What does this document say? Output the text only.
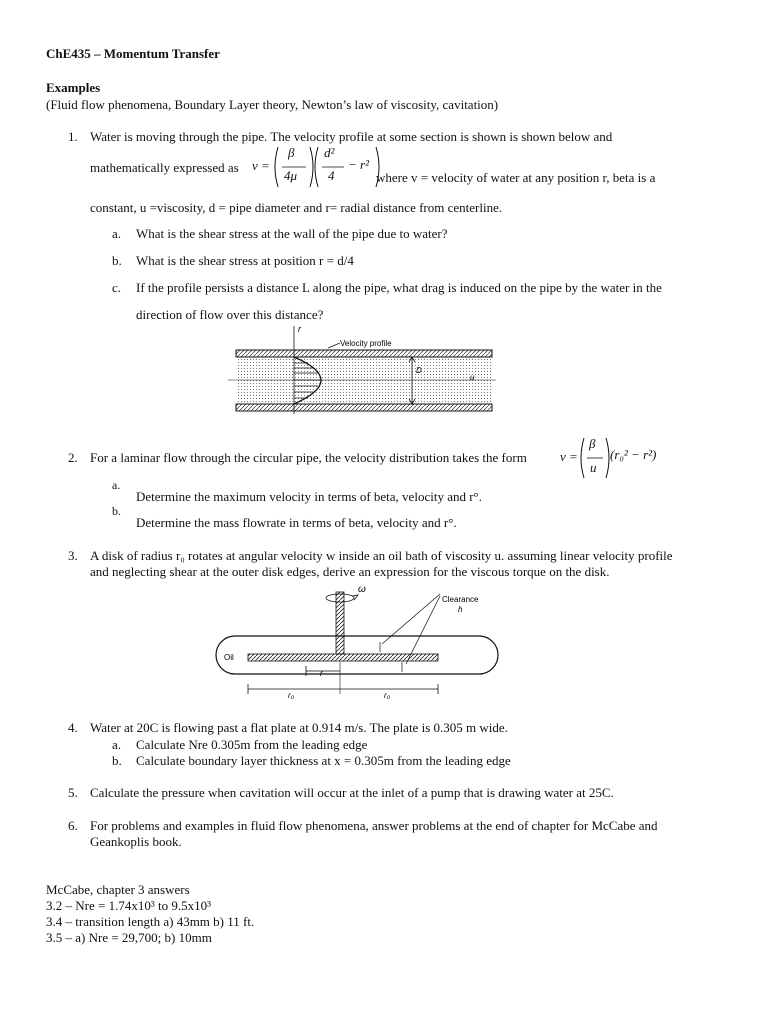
ChE435 – Momentum Transfer
Examples
(Fluid flow phenomena, Boundary Layer theory, Newton’s law of viscosity, cavitation)
1. Water is moving through the pipe. The velocity profile at some section is shown is shown below and
mathematically expressed as v =
β
4μ
d²
4
− r²
where v = velocity of water at any position r, beta is a
constant, u =viscosity, d = pipe diameter and r= radial distance from centerline.
a. What is the shear stress at the wall of the pipe due to water?
b. What is the shear stress at position r = d/4
c. If the profile persists a distance L along the pipe, what drag is induced on the pipe by the water in the
direction of flow over this distance?
r
Velocity profile
D
u
2. For a laminar flow through the circular pipe, the velocity distribution takes the form	v =
β
u
(r₀² − r²)
a.
Determine the maximum velocity in terms of beta, velocity and r°.
b.
Determine the mass flowrate in terms of beta, velocity and r°.
3. A disk of radius r₀ rotates at angular velocity w inside an oil bath of viscosity u. assuming linear velocity profile
and neglecting shear at the outer disk edges, derive an expression for the viscous torque on the disk.
ω
Clearance
h
Oil
r
r₀	r₀
4. Water at 20C is flowing past a flat plate at 0.914 m/s. The plate is 0.305 m wide.
a. Calculate Nre 0.305m from the leading edge
b. Calculate boundary layer thickness at x = 0.305m from the leading edge
5. Calculate the pressure when cavitation will occur at the inlet of a pump that is drawing water at 25C.
6. For problems and examples in fluid flow phenomena, answer problems at the end of chapter for McCabe and
Geankoplis book.
McCabe, chapter 3 answers
3.2 – Nre = 1.74x10³ to 9.5x10³
3.4 – transition length a) 43mm b) 11 ft.
3.5 – a) Nre = 29,700; b) 10mm
